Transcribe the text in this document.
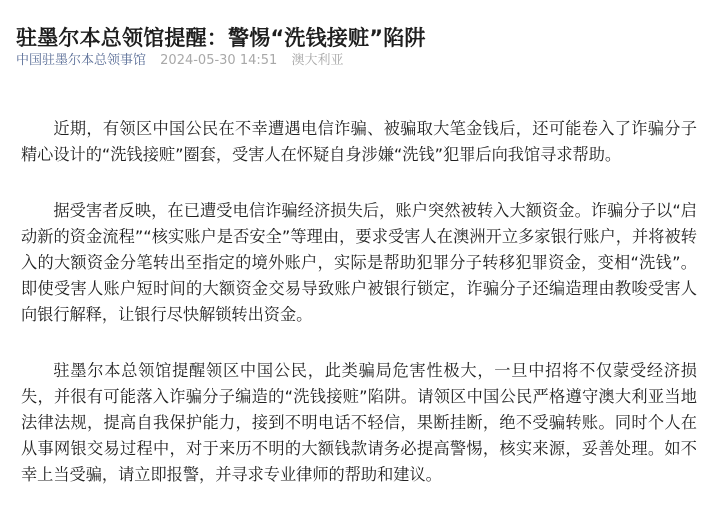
驻墨尔本总领馆提醒：警惕“洗钱接赃”陷阱
中国驻墨尔本总领事馆 2024-05-30 14:51 澳大利亚

近期，有领区中国公民在不幸遭遇电信诈骗、被骗取大笔金钱后，还可能卷入了诈骗分子精心设计的“洗钱接赃”圈套，受害人在怀疑自身涉嫌“洗钱”犯罪后向我馆寻求帮助。

据受害者反映，在已遭受电信诈骗经济损失后，账户突然被转入大额资金。诈骗分子以“启动新的资金流程”“核实账户是否安全”等理由，要求受害人在澳洲开立多家银行账户，并将被转入的大额资金分笔转出至指定的境外账户，实际是帮助犯罪分子转移犯罪资金，变相“洗钱”。即使受害人账户短时间的大额资金交易导致账户被银行锁定，诈骗分子还编造理由教唆受害人向银行解释，让银行尽快解锁转出资金。

驻墨尔本总领馆提醒领区中国公民，此类骗局危害性极大，一旦中招将不仅蒙受经济损失，并很有可能落入诈骗分子编造的“洗钱接赃”陷阱。请领区中国公民严格遵守澳大利亚当地法律法规，提高自我保护能力，接到不明电话不轻信，果断挂断，绝不受骗转账。同时个人在从事网银交易过程中，对于来历不明的大额钱款请务必提高警惕，核实来源，妥善处理。如不幸上当受骗，请立即报警，并寻求专业律师的帮助和建议。
